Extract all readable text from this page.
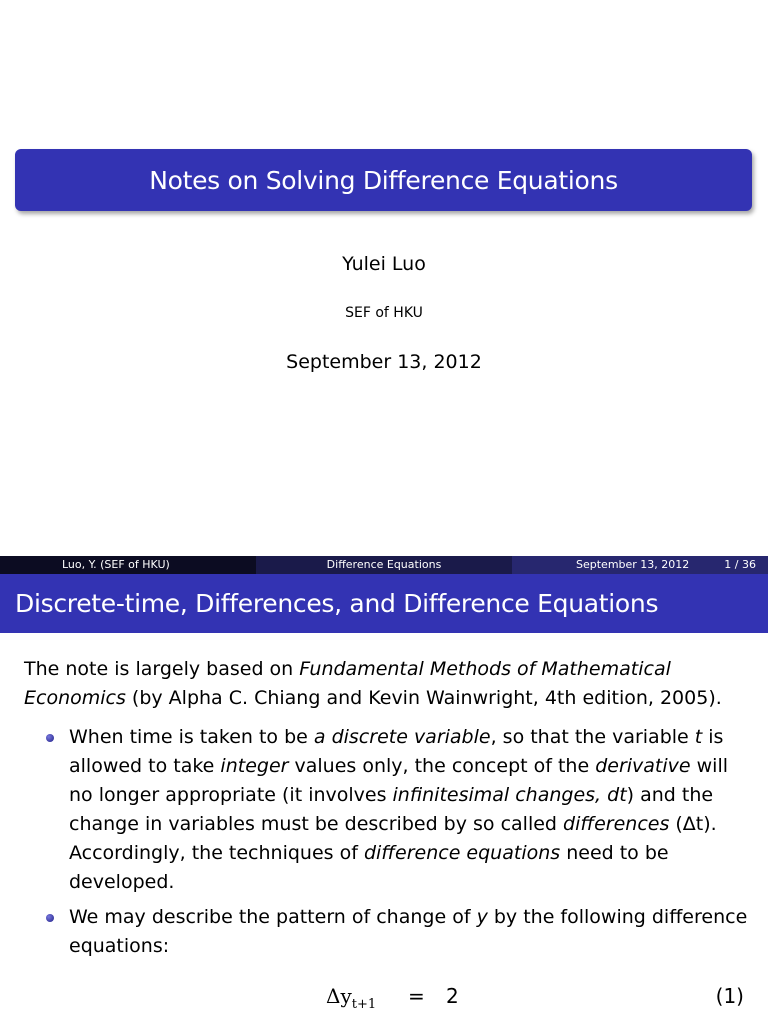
Notes on Solving Difference Equations
Yulei Luo
SEF of HKU
September 13, 2012
Luo, Y. (SEF of HKU)	Difference Equations	September 13, 2012	1 / 36
Discrete-time, Differences, and Difference Equations

The note is largely based on Fundamental Methods of Mathematical Economics (by Alpha C. Chiang and Kevin Wainwright, 4th edition, 2005).

When time is taken to be a discrete variable, so that the variable t is allowed to take integer values only, the concept of the derivative will no longer appropriate (it involves infinitesimal changes, dt) and the change in variables must be described by so called differences (Δt). Accordingly, the techniques of difference equations need to be developed.
We may describe the pattern of change of y by the following difference equations:
$\Delta y_{t+1} = 2$	(1)
